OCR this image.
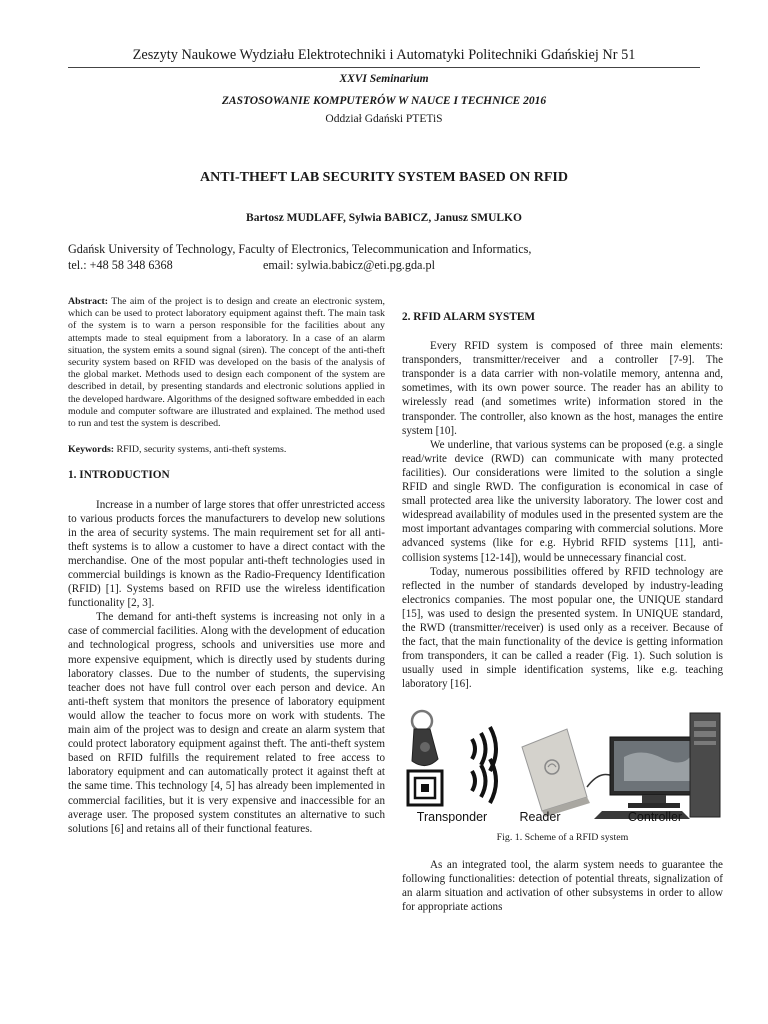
Zeszyty Naukowe Wydziału Elektrotechniki i Automatyki Politechniki Gdańskiej Nr 51
XXVI Seminarium
ZASTOSOWANIE KOMPUTERÓW W NAUCE I TECHNICE 2016
Oddział Gdański PTETiS
ANTI-THEFT LAB SECURITY SYSTEM BASED ON RFID
Bartosz MUDLAFF, Sylwia BABICZ, Janusz SMULKO
Gdańsk University of Technology, Faculty of Electronics, Telecommunication and Informatics,
tel.: +48 58 348 6368	email: sylwia.babicz@eti.pg.gda.pl

Abstract: The aim of the project is to design and create an electronic system, which can be used to protect laboratory equipment against theft. The main task of the system is to warn a person responsible for the facilities about any attempts made to steal equipment from a laboratory. In a case of an alarm situation, the system emits a sound signal (siren). The concept of the anti-theft security system based on RFID was developed on the basis of the analysis of the global market. Methods used to design each component of the system are described in detail, by presenting standards and electronic solutions applied in the developed hardware. Algorithms of the designed software embedded in each module and computer software are illustrated and explained. The method used to run and test the system is described.

Keywords: RFID, security systems, anti-theft systems.

1. INTRODUCTION

Increase in a number of large stores that offer unrestricted access to various products forces the manufacturers to develop new solutions in the area of security systems. The main requirement set for all anti-theft systems is to allow a customer to have a direct contact with the merchandise. One of the most popular anti-theft technologies used in commercial buildings is known as the Radio-Frequency Identification (RFID) [1]. Systems based on RFID use the wireless identification functionality [2, 3].

The demand for anti-theft systems is increasing not only in a case of commercial facilities. Along with the development of education and technological progress, schools and universities use more and more expensive equipment, which is directly used by students during laboratory classes. Due to the number of students, the supervising teacher does not have full control over each person and device. An anti-theft system that monitors the presence of laboratory equipment would allow the teacher to focus more on work with students. The main aim of the project was to design and create an alarm system that could protect laboratory equipment against theft. The anti-theft system based on RFID fulfills the requirement related to free access to laboratory equipment and can automatically protect it against theft at the same time. This technology [4, 5] has already been implemented in commercial facilities, but it is very expensive and inaccessible for an average user. The proposed system constitutes an alternative to such solutions [6] and retains all of their functional features.

2. RFID ALARM SYSTEM

Every RFID system is composed of three main elements: transponders, transmitter/receiver and a controller [7-9]. The transponder is a data carrier with non-volatile memory, antenna and, sometimes, with its own power source. The reader has an ability to wirelessly read (and sometimes write) information stored in the transponder. The controller, also known as the host, manages the entire system [10].

We underline, that various systems can be proposed (e.g. a single read/write device (RWD) can communicate with many protected facilities). Our considerations were limited to the solution a single RFID and single RWD. The configuration is economical in case of small protected area like the university laboratory. The lower cost and widespread availability of modules used in the presented system are the most important advantages comparing with commercial solutions. More advanced systems (like for e.g. Hybrid RFID systems [11], anti-collision systems [12-14]), would be unnecessary financial cost.

Today, numerous possibilities offered by RFID technology are reflected in the number of standards developed by industry-leading electronics companies. The most popular one, the UNIQUE standard [15], was used to design the presented system. In UNIQUE standard, the RWD (transmitter/receiver) is used only as a receiver. Because of the fact, that the main functionality of the device is getting information from transponders, it can be called a reader (Fig. 1). Such solution is usually used in simple identification systems, like e.g. teaching laboratory [16].

Transponder	Reader	Controller
Fig. 1. Scheme of a RFID system

As an integrated tool, the alarm system needs to guarantee the following functionalities: detection of potential threats, signalization of an alarm situation and activation of other subsystems in order to allow for appropriate actions
